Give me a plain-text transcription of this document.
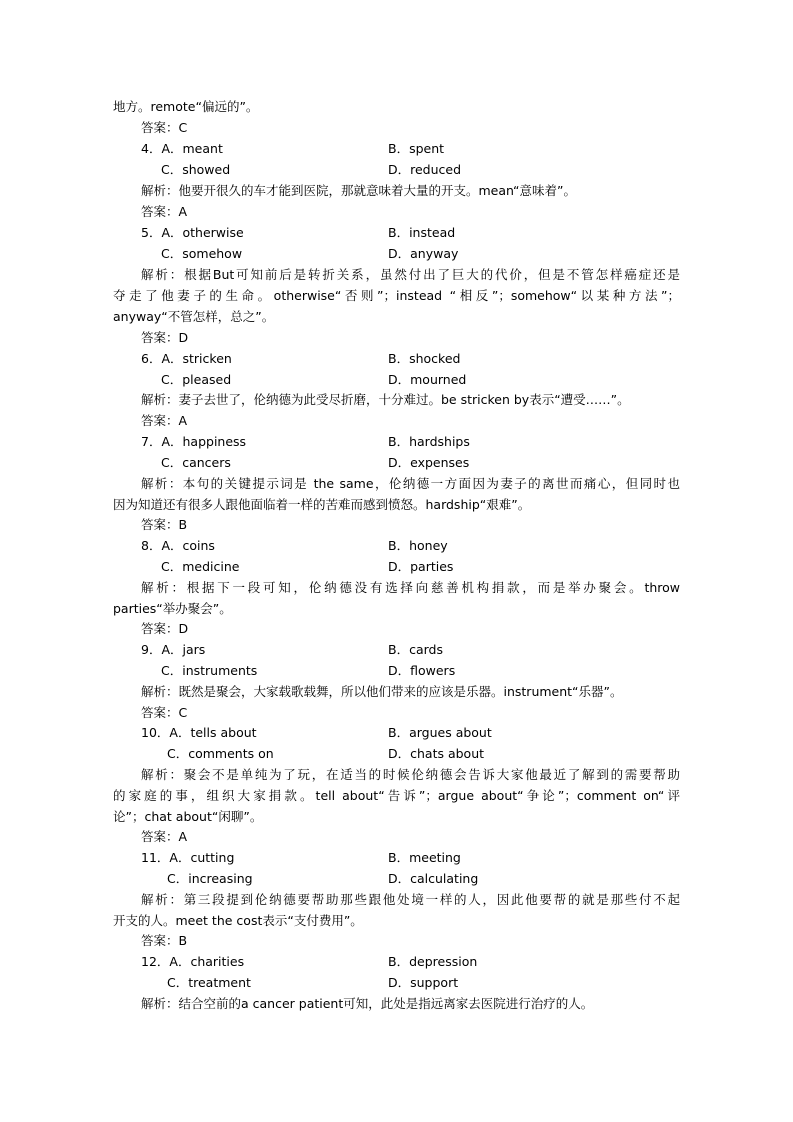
地方。remote“偏远的”。
答案：C
4．A．meant	B．spent
C．showed	D．reduced
解析：他要开很久的车才能到医院，那就意味着大量的开支。mean“意味着”。
答案：A
5．A．otherwise	B．instead
C．somehow	D．anyway
解析：根据But可知前后是转折关系，虽然付出了巨大的代价，但是不管怎样癌症还是
夺走了他妻子的生命。otherwise“否则”；instead “相反”；somehow“以某种方法”；
anyway“不管怎样，总之”。
答案：D
6．A．stricken	B．shocked
C．pleased	D．mourned
解析：妻子去世了，伦纳德为此受尽折磨，十分难过。be stricken by表示“遭受……”。
答案：A
7．A．happiness	B．hardships
C．cancers	D．expenses
解析：本句的关键提示词是 the same，伦纳德一方面因为妻子的离世而痛心，但同时也
因为知道还有很多人跟他面临着一样的苦难而感到愤怒。hardship“艰难”。
答案：B
8．A．coins	B．honey
C．medicine	D．parties
解析：根据下一段可知，伦纳德没有选择向慈善机构捐款，而是举办聚会。throw
parties“举办聚会”。
答案：D
9．A．jars	B．cards
C．instruments	D．flowers
解析：既然是聚会，大家载歌载舞，所以他们带来的应该是乐器。instrument“乐器”。
答案：C
10．A．tells about	B．argues about
C．comments on	D．chats about
解析：聚会不是单纯为了玩，在适当的时候伦纳德会告诉大家他最近了解到的需要帮助
的家庭的事，组织大家捐款。tell about“告诉”；argue about“争论”；comment on“评
论”；chat about“闲聊”。
答案：A
11．A．cutting	B．meeting
C．increasing	D．calculating
解析：第三段提到伦纳德要帮助那些跟他处境一样的人，因此他要帮的就是那些付不起
开支的人。meet the cost表示“支付费用”。
答案：B
12．A．charities	B．depression
C．treatment	D．support
解析：结合空前的a cancer patient可知，此处是指远离家去医院进行治疗的人。
